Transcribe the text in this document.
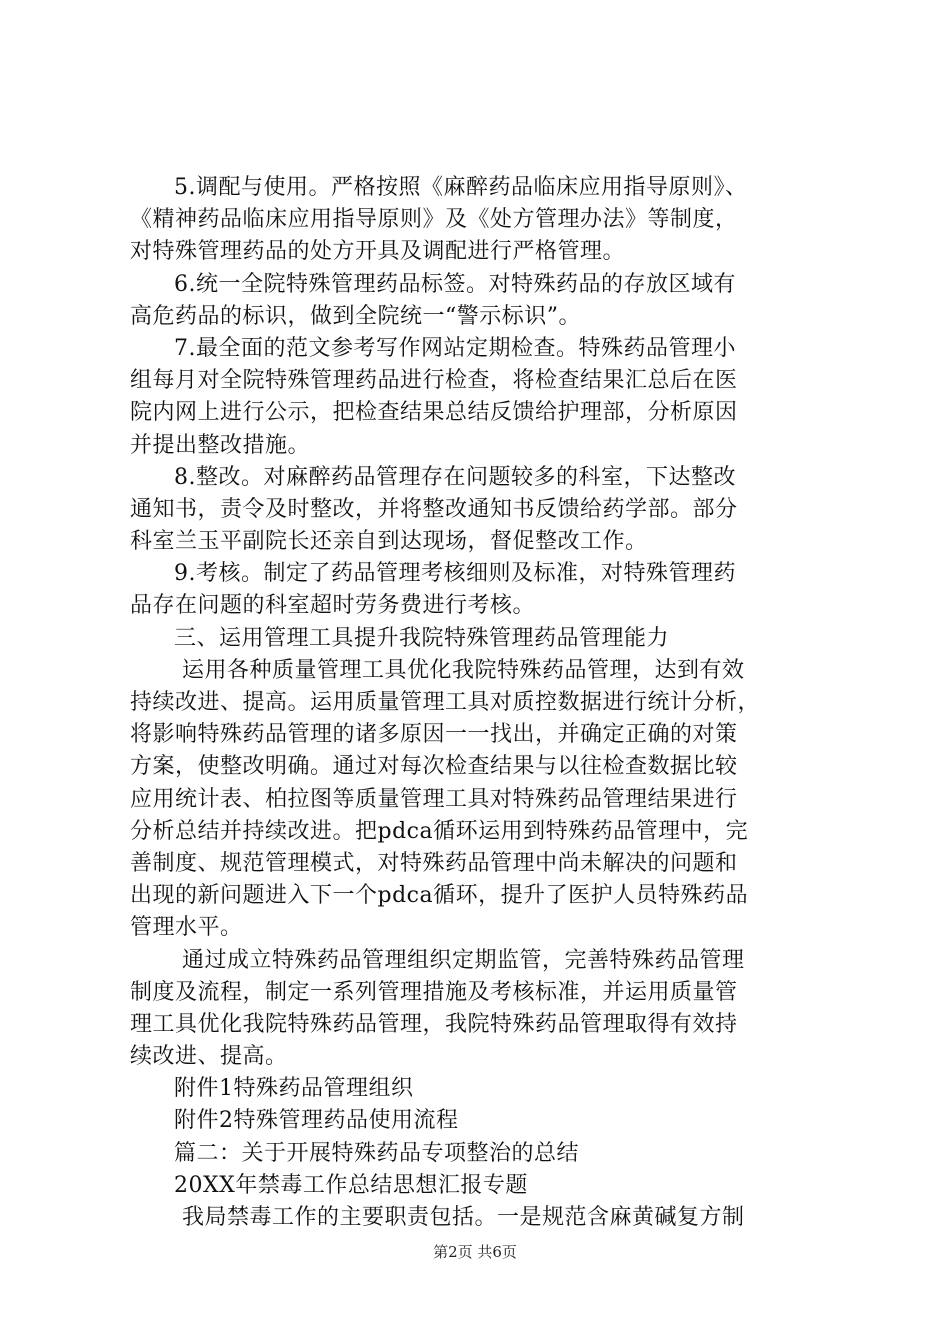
5.调配与使用。严格按照《麻醉药品临床应用指导原则》、
《精神药品临床应用指导原则》及《处方管理办法》等制度，
对特殊管理药品的处方开具及调配进行严格管理。
6.统一全院特殊管理药品标签。对特殊药品的存放区域有
高危药品的标识，做到全院统一“警示标识”。
7.最全面的范文参考写作网站定期检查。特殊药品管理小
组每月对全院特殊管理药品进行检查，将检查结果汇总后在医
院内网上进行公示，把检查结果总结反馈给护理部，分析原因
并提出整改措施。
8.整改。对麻醉药品管理存在问题较多的科室，下达整改
通知书，责令及时整改，并将整改通知书反馈给药学部。部分
科室兰玉平副院长还亲自到达现场，督促整改工作。
9.考核。制定了药品管理考核细则及标准，对特殊管理药
品存在问题的科室超时劳务费进行考核。
三、运用管理工具提升我院特殊管理药品管理能力
运用各种质量管理工具优化我院特殊药品管理，达到有效
持续改进、提高。运用质量管理工具对质控数据进行统计分析，
将影响特殊药品管理的诸多原因一一找出，并确定正确的对策
方案，使整改明确。通过对每次检查结果与以往检查数据比较
应用统计表、柏拉图等质量管理工具对特殊药品管理结果进行
分析总结并持续改进。把pdca循环运用到特殊药品管理中，完
善制度、规范管理模式，对特殊药品管理中尚未解决的问题和
出现的新问题进入下一个pdca循环，提升了医护人员特殊药品
管理水平。
通过成立特殊药品管理组织定期监管，完善特殊药品管理
制度及流程，制定一系列管理措施及考核标准，并运用质量管
理工具优化我院特殊药品管理，我院特殊药品管理取得有效持
续改进、提高。
附件1特殊药品管理组织
附件2特殊管理药品使用流程
篇二：关于开展特殊药品专项整治的总结
20XX年禁毒工作总结思想汇报专题
我局禁毒工作的主要职责包括。一是规范含麻黄碱复方制
第2页 共6页
